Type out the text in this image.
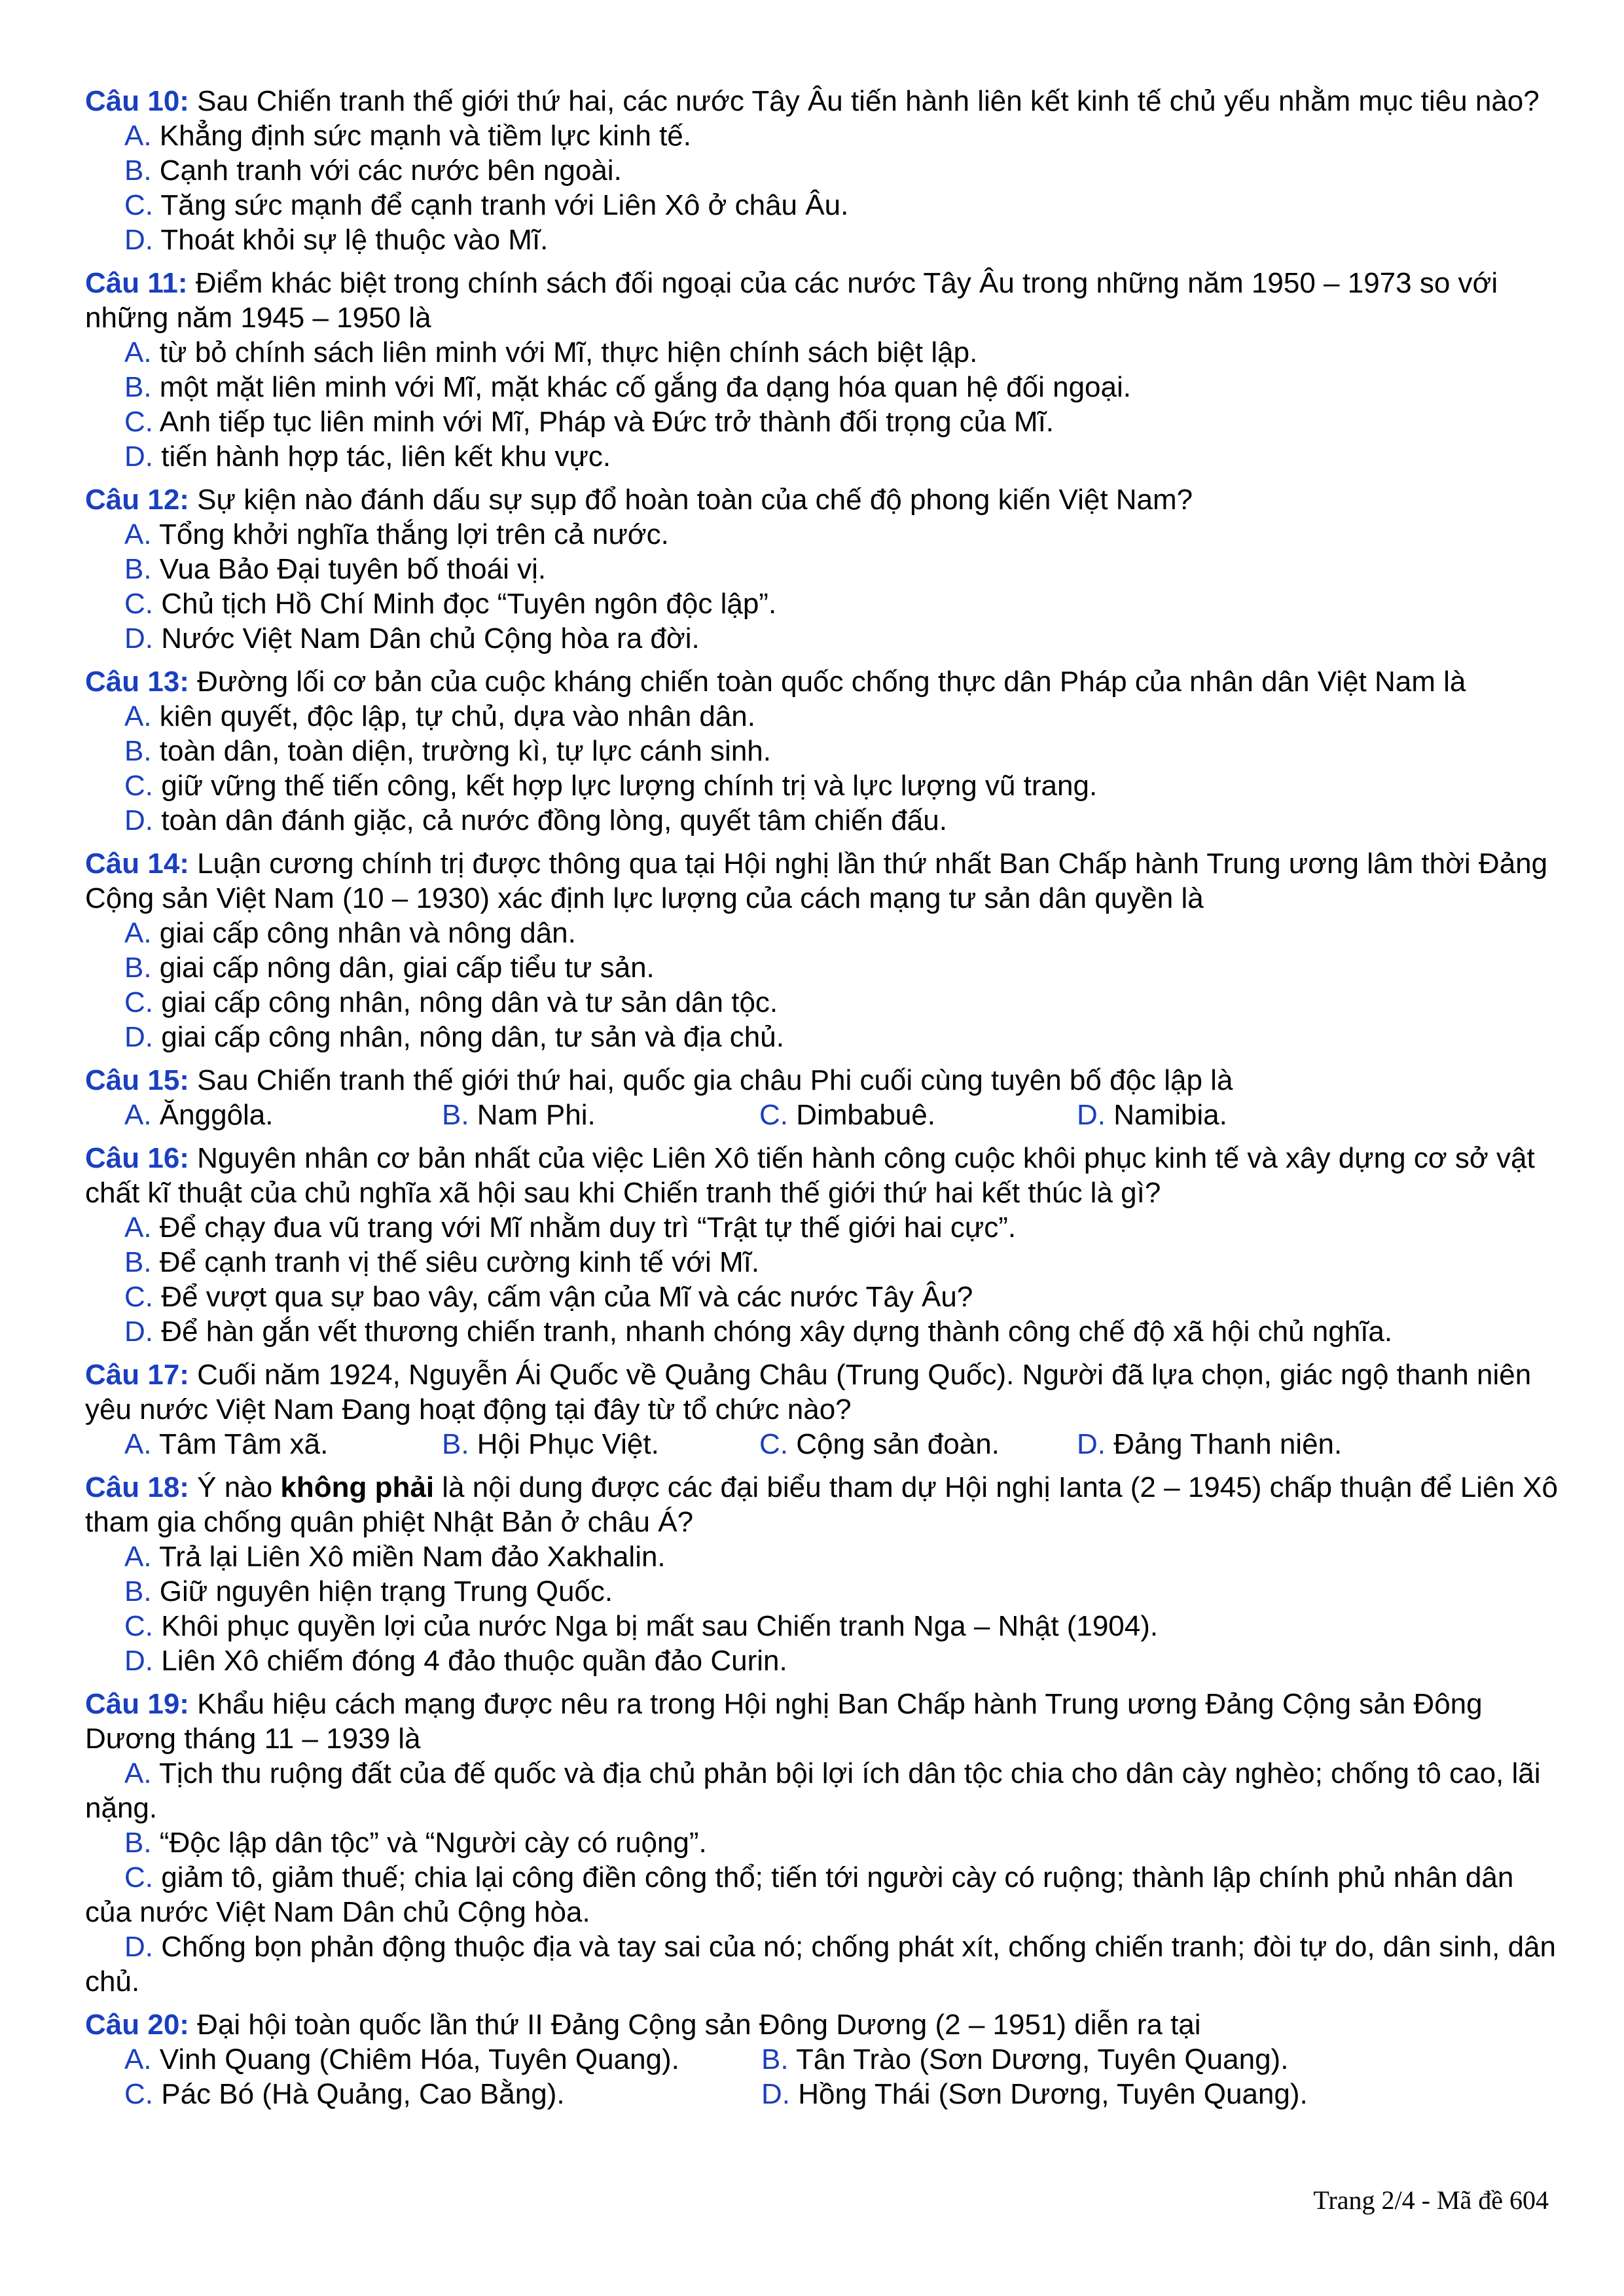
Câu 10: Sau Chiến tranh thế giới thứ hai, các nước Tây Âu tiến hành liên kết kinh tế chủ yếu nhằm mục tiêu nào?

A. Khẳng định sức mạnh và tiềm lực kinh tế.

B. Cạnh tranh với các nước bên ngoài.

C. Tăng sức mạnh để cạnh tranh với Liên Xô ở châu Âu.

D. Thoát khỏi sự lệ thuộc vào Mĩ.

Câu 11: Điểm khác biệt trong chính sách đối ngoại của các nước Tây Âu trong những năm 1950 – 1973 so với những năm 1945 – 1950 là

A. từ bỏ chính sách liên minh với Mĩ, thực hiện chính sách biệt lập.

B. một mặt liên minh với Mĩ, mặt khác cố gắng đa dạng hóa quan hệ đối ngoại.

C. Anh tiếp tục liên minh với Mĩ, Pháp và Đức trở thành đối trọng của Mĩ.

D. tiến hành hợp tác, liên kết khu vực.

Câu 12: Sự kiện nào đánh dấu sự sụp đổ hoàn toàn của chế độ phong kiến Việt Nam?

A. Tổng khởi nghĩa thắng lợi trên cả nước.

B. Vua Bảo Đại tuyên bố thoái vị.

C. Chủ tịch Hồ Chí Minh đọc “Tuyên ngôn độc lập”.

D. Nước Việt Nam Dân chủ Cộng hòa ra đời.

Câu 13: Đường lối cơ bản của cuộc kháng chiến toàn quốc chống thực dân Pháp của nhân dân Việt Nam là

A. kiên quyết, độc lập, tự chủ, dựa vào nhân dân.

B. toàn dân, toàn diện, trường kì, tự lực cánh sinh.

C. giữ vững thế tiến công, kết hợp lực lượng chính trị và lực lượng vũ trang.

D. toàn dân đánh giặc, cả nước đồng lòng, quyết tâm chiến đấu.

Câu 14: Luận cương chính trị được thông qua tại Hội nghị lần thứ nhất Ban Chấp hành Trung ương lâm thời Đảng Cộng sản Việt Nam (10 – 1930) xác định lực lượng của cách mạng tư sản dân quyền là

A. giai cấp công nhân và nông dân.

B. giai cấp nông dân, giai cấp tiểu tư sản.

C. giai cấp công nhân, nông dân và tư sản dân tộc.

D. giai cấp công nhân, nông dân, tư sản và địa chủ.

Câu 15: Sau Chiến tranh thế giới thứ hai, quốc gia châu Phi cuối cùng tuyên bố độc lập là

A. Ănggôla.	B. Nam Phi.	C. Dimbabuê.	D. Namibia.

Câu 16: Nguyên nhân cơ bản nhất của việc Liên Xô tiến hành công cuộc khôi phục kinh tế và xây dựng cơ sở vật chất kĩ thuật của chủ nghĩa xã hội sau khi Chiến tranh thế giới thứ hai kết thúc là gì?

A. Để chạy đua vũ trang với Mĩ nhằm duy trì “Trật tự thế giới hai cực”.

B. Để cạnh tranh vị thế siêu cường kinh tế với Mĩ.

C. Để vượt qua sự bao vây, cấm vận của Mĩ và các nước Tây Âu?

D. Để hàn gắn vết thương chiến tranh, nhanh chóng xây dựng thành công chế độ xã hội chủ nghĩa.

Câu 17: Cuối năm 1924, Nguyễn Ái Quốc về Quảng Châu (Trung Quốc). Người đã lựa chọn, giác ngộ thanh niên yêu nước Việt Nam Đang hoạt động tại đây từ tổ chức nào?

A. Tâm Tâm xã.	B. Hội Phục Việt.	C. Cộng sản đoàn.	D. Đảng Thanh niên.

Câu 18: Ý nào không phải là nội dung được các đại biểu tham dự Hội nghị Ianta (2 – 1945) chấp thuận để Liên Xô tham gia chống quân phiệt Nhật Bản ở châu Á?

A. Trả lại Liên Xô miền Nam đảo Xakhalin.

B. Giữ nguyên hiện trạng Trung Quốc.

C. Khôi phục quyền lợi của nước Nga bị mất sau Chiến tranh Nga – Nhật (1904).

D. Liên Xô chiếm đóng 4 đảo thuộc quần đảo Curin.

Câu 19: Khẩu hiệu cách mạng được nêu ra trong Hội nghị Ban Chấp hành Trung ương Đảng Cộng sản Đông Dương tháng 11 – 1939 là

A. Tịch thu ruộng đất của đế quốc và địa chủ phản bội lợi ích dân tộc chia cho dân cày nghèo; chống tô cao, lãi nặng.

B. “Độc lập dân tộc” và “Người cày có ruộng”.

C. giảm tô, giảm thuế; chia lại công điền công thổ; tiến tới người cày có ruộng; thành lập chính phủ nhân dân của nước Việt Nam Dân chủ Cộng hòa.

D. Chống bọn phản động thuộc địa và tay sai của nó; chống phát xít, chống chiến tranh; đòi tự do, dân sinh, dân chủ.

Câu 20: Đại hội toàn quốc lần thứ II Đảng Cộng sản Đông Dương (2 – 1951) diễn ra tại

A. Vinh Quang (Chiêm Hóa, Tuyên Quang).	B. Tân Trào (Sơn Dương, Tuyên Quang).
C. Pác Bó (Hà Quảng, Cao Bằng).	D. Hồng Thái (Sơn Dương, Tuyên Quang).
Trang 2/4 - Mã đề 604
